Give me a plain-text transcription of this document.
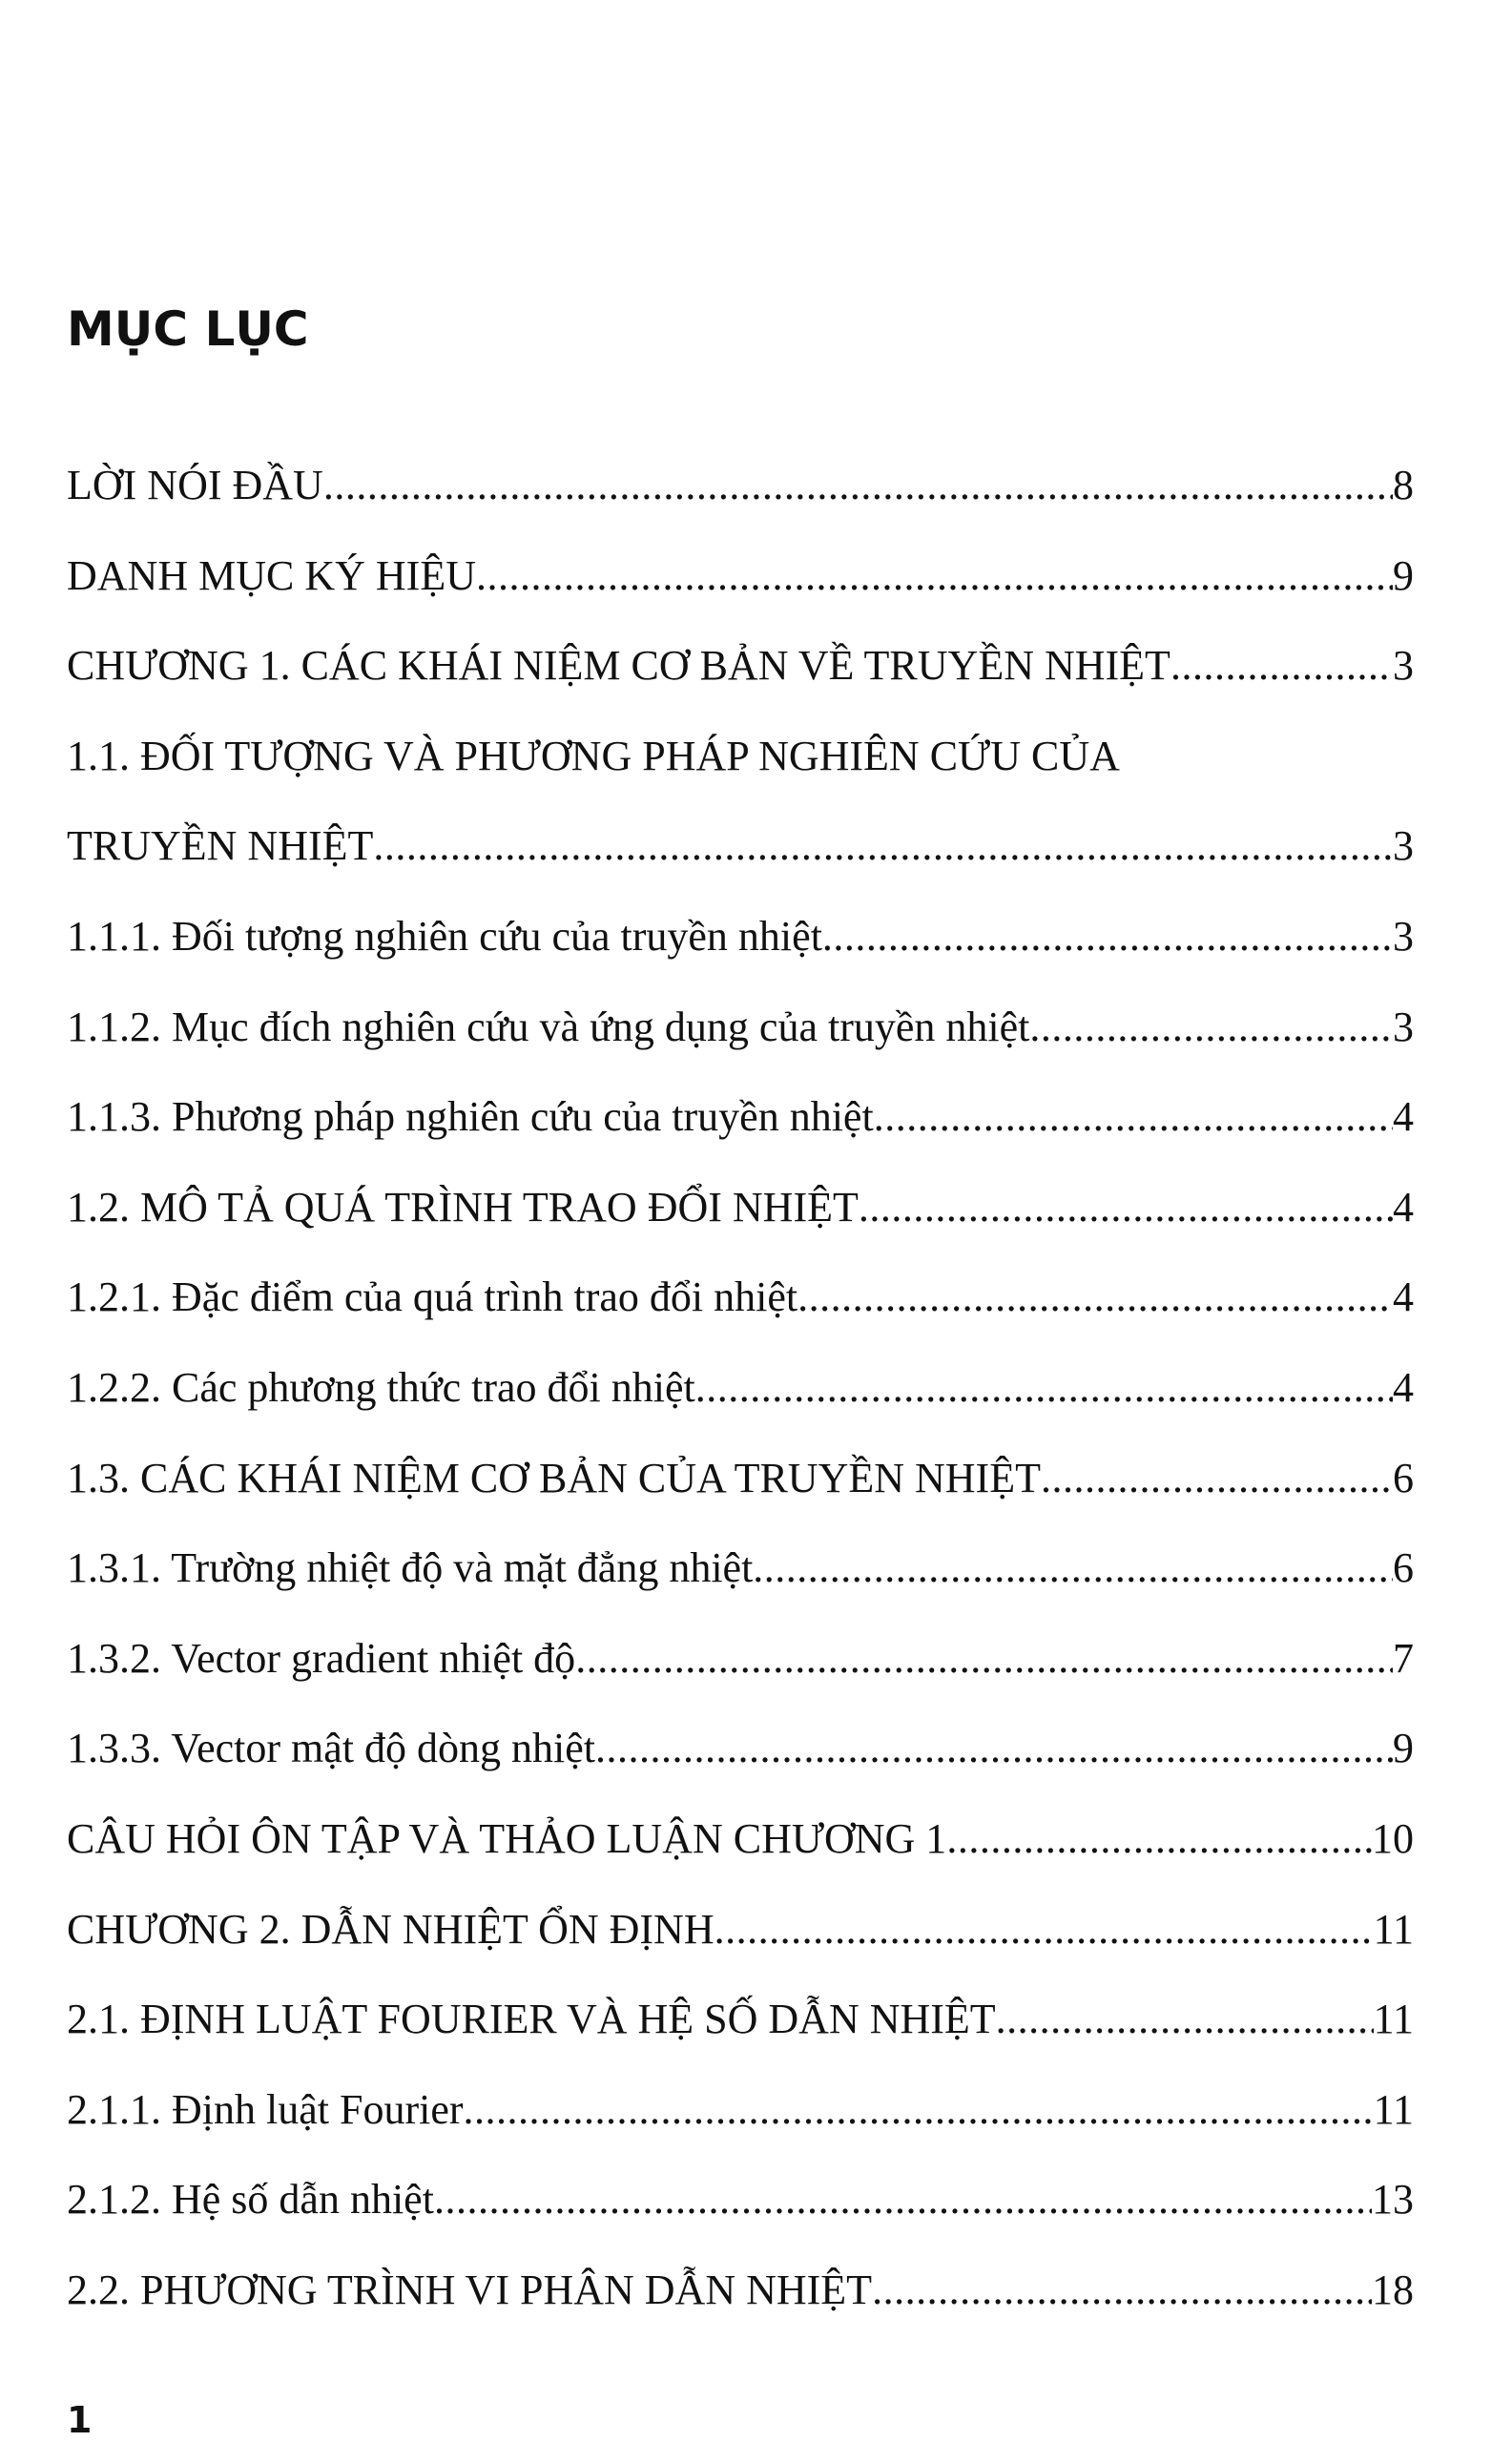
MỤC LỤC
LỜI NÓI ĐẦU .....	8
DANH MỤC KÝ HIỆU .....	9
CHƯƠNG 1. CÁC KHÁI NIỆM CƠ BẢN VỀ TRUYỀN NHIỆT .....	3
1.1. ĐỐI TƯỢNG VÀ PHƯƠNG PHÁP NGHIÊN CỨU CỦA
TRUYỀN NHIỆT .....	3
1.1.1. Đối tượng nghiên cứu của truyền nhiệt .....	3
1.1.2. Mục đích nghiên cứu và ứng dụng của truyền nhiệt .....	3
1.1.3. Phương pháp nghiên cứu của truyền nhiệt .....	4
1.2. MÔ TẢ QUÁ TRÌNH TRAO ĐỔI NHIỆT .....	4
1.2.1. Đặc điểm của quá trình trao đổi nhiệt .....	4
1.2.2. Các phương thức trao đổi nhiệt .....	4
1.3. CÁC KHÁI NIỆM CƠ BẢN CỦA TRUYỀN NHIỆT .....	6
1.3.1. Trường nhiệt độ và mặt đẳng nhiệt .....	6
1.3.2. Vector gradient nhiệt độ .....	7
1.3.3. Vector mật độ dòng nhiệt .....	9
CÂU HỎI ÔN TẬP VÀ THẢO LUẬN CHƯƠNG 1 .....	10
CHƯƠNG 2. DẪN NHIỆT ỔN ĐỊNH .....	11
2.1. ĐỊNH LUẬT FOURIER VÀ HỆ SỐ DẪN NHIỆT .....	11
2.1.1. Định luật Fourier .....	11
2.1.2. Hệ số dẫn nhiệt .....	13
2.2. PHƯƠNG TRÌNH VI PHÂN DẪN NHIỆT .....	18
1
